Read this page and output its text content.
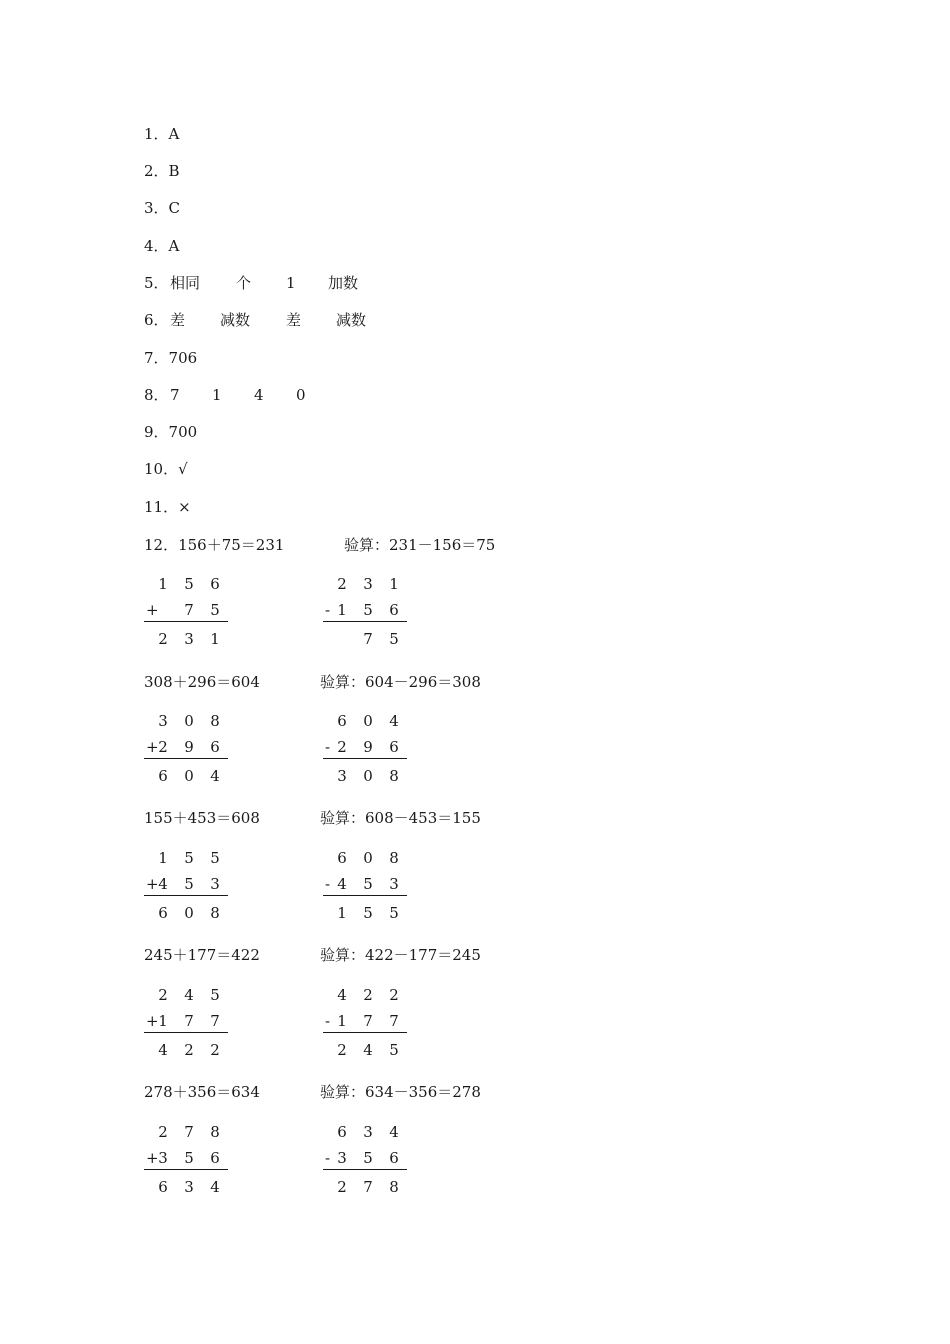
1．A
2．B
3．C
4．A
5． 相同 个 1 加数
6． 差 减数 差 减数
7．706
8． 7 1 4 0
9．700
10．√
11．×
12．156＋75＝231	验算：231－156＝75
1 5 6
+	7 5
2 3 1
2 3 1
- 1 5 6
7 5
308＋296＝604	验算：604－296＝308
3 0 8
+ 2 9 6
6 0 4
6 0 4
- 2 9 6
3 0 8
155＋453＝608	验算：608－453＝155
1 5 5
+ 4 5 3
6 0 8
6 0 8
- 4 5 3
1 5 5
245＋177＝422	验算：422－177＝245
2 4 5
+ 1 7 7
4 2 2
4 2 2
- 1 7 7
2 4 5
278＋356＝634	验算：634－356＝278
2 7 8
+ 3 5 6
6 3 4
6 3 4
- 3 5 6
2 7 8
